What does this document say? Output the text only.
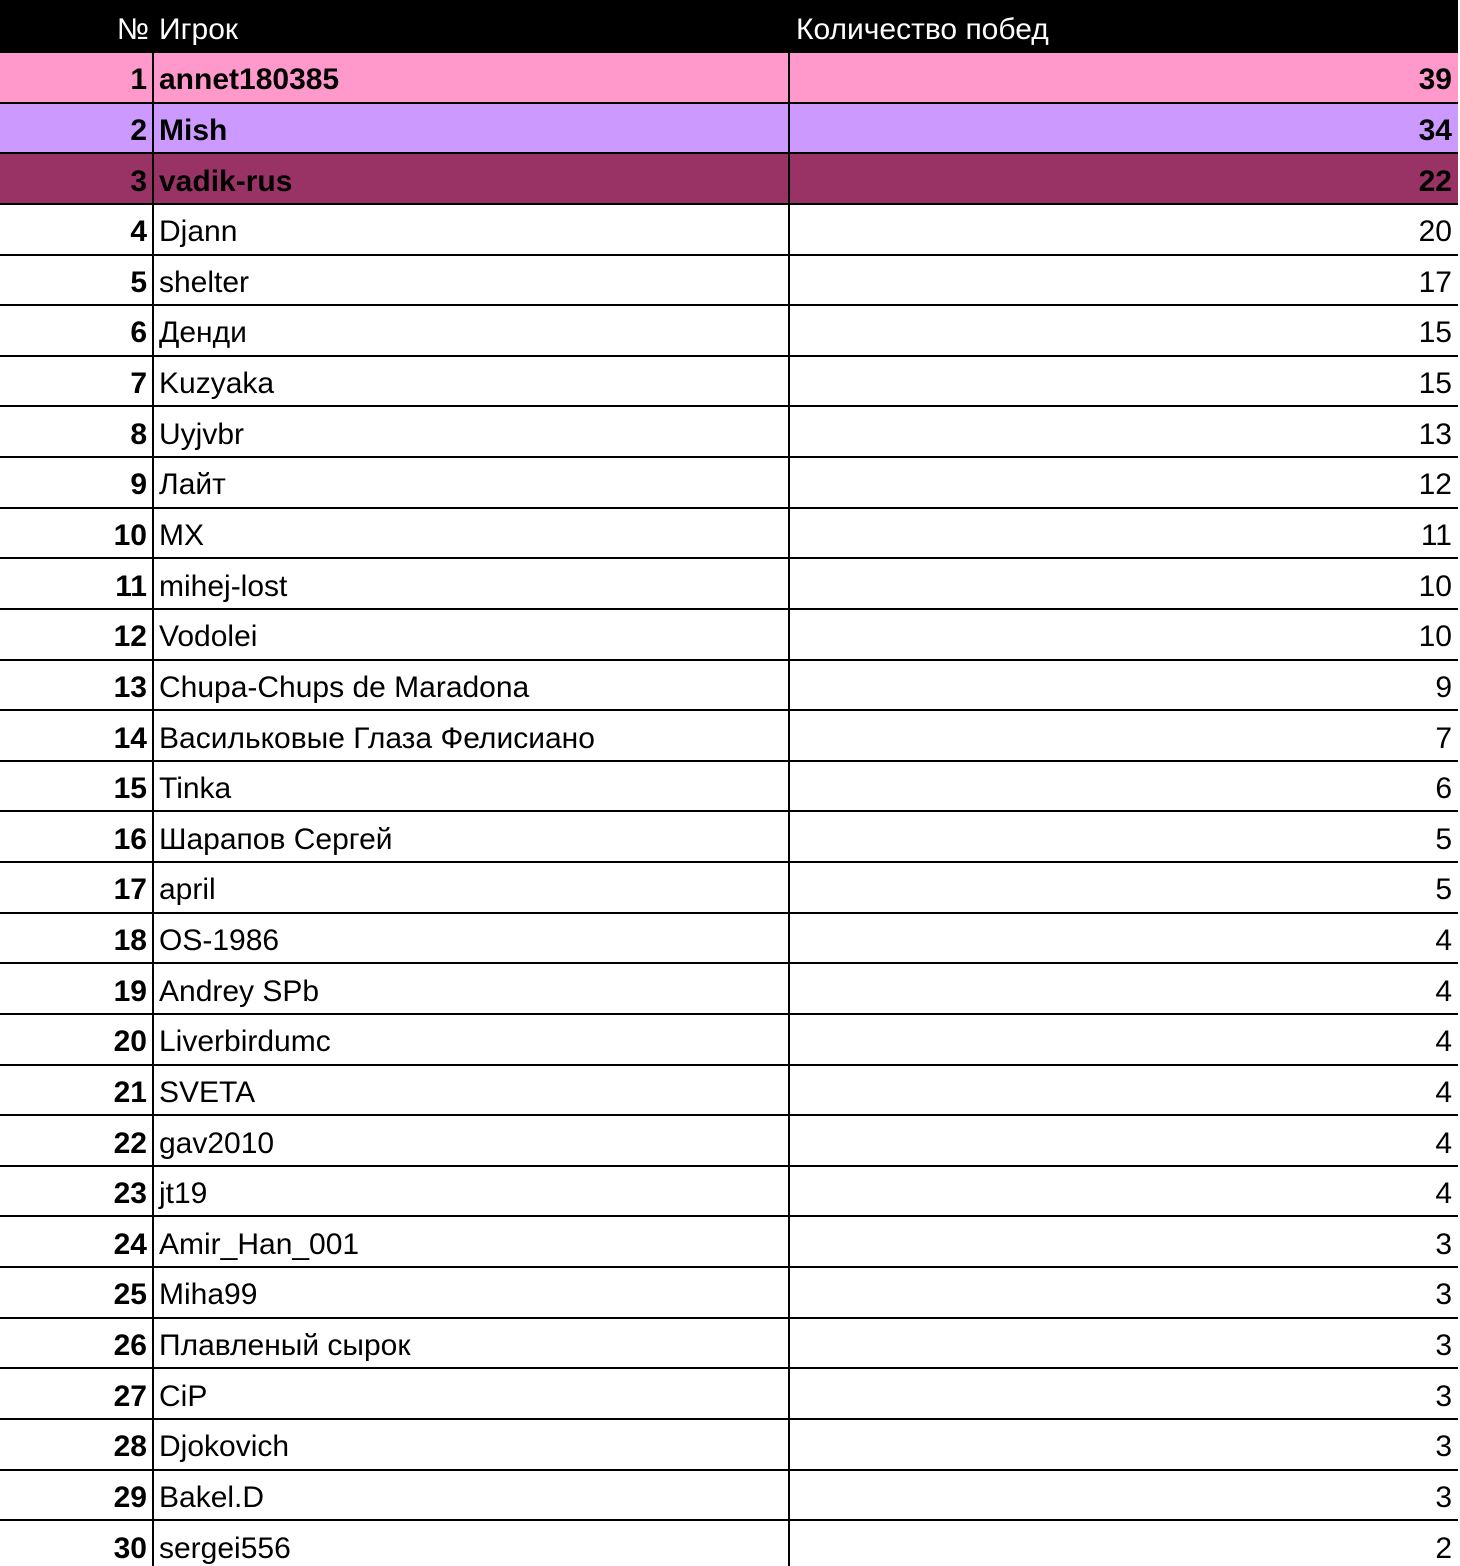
№ Игрок	Количество побед
1 annet180385	39
2 Mish	34
3 vadik-rus	22
4 Djann	20
5 shelter	17
6 Денди	15
7 Kuzyaka	15
8 Uyjvbr	13
9 Лайт	12
10 MX	11
11 mihej-lost	10
12 Vodolei	10
13 Chupa-Chups de Maradona	9
14 Васильковые Глаза Фелисиано	7
15 Tinka	6
16 Шарапов Сергей	5
17 april	5
18 OS-1986	4
19 Andrey SPb	4
20 Liverbirdumc	4
21 SVETA	4
22 gav2010	4
23 jt19	4
24 Amir_Han_001	3
25 Miha99	3
26 Плавленый сырок	3
27 CiP	3
28 Djokovich	3
29 Bakel.D	3
30 sergei556	2
